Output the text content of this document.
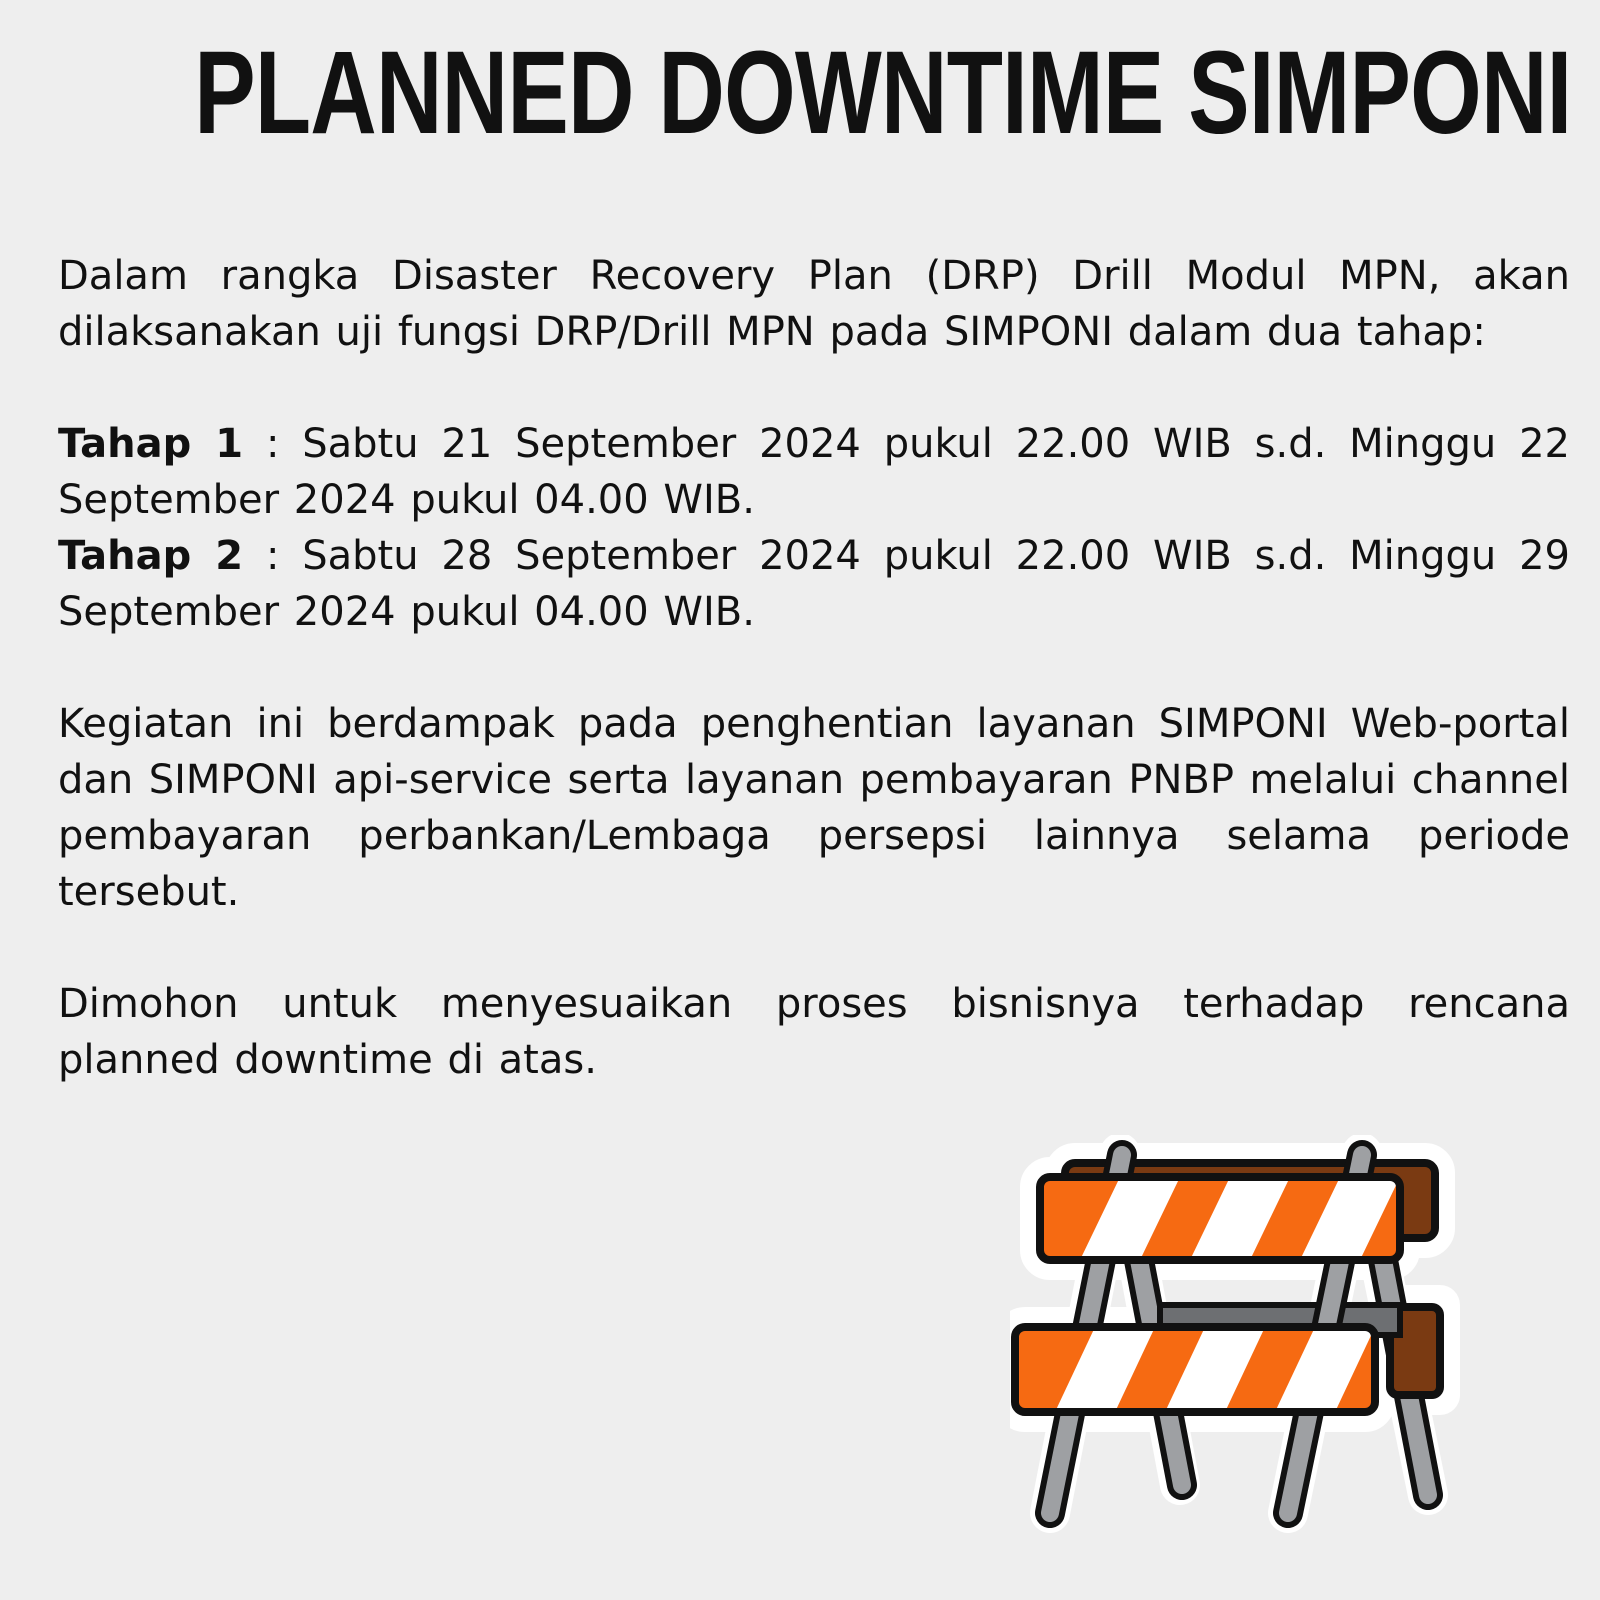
PLANNED DOWNTIME SIMPONI

Dalam rangka Disaster Recovery Plan (DRP) Drill Modul MPN, akan dilaksanakan uji fungsi DRP/Drill MPN pada SIMPONI dalam dua tahap:

Tahap 1 : Sabtu 21 September 2024 pukul 22.00 WIB s.d. Minggu 22 September 2024 pukul 04.00 WIB.

Tahap 2 : Sabtu 28 September 2024 pukul 22.00 WIB s.d. Minggu 29 September 2024 pukul 04.00 WIB.

Kegiatan ini berdampak pada penghentian layanan SIMPONI Web-portal dan SIMPONI api-service serta layanan pembayaran PNBP melalui channel pembayaran perbankan/Lembaga persepsi lainnya selama periode tersebut.

Dimohon untuk menyesuaikan proses bisnisnya terhadap rencana planned downtime di atas.
